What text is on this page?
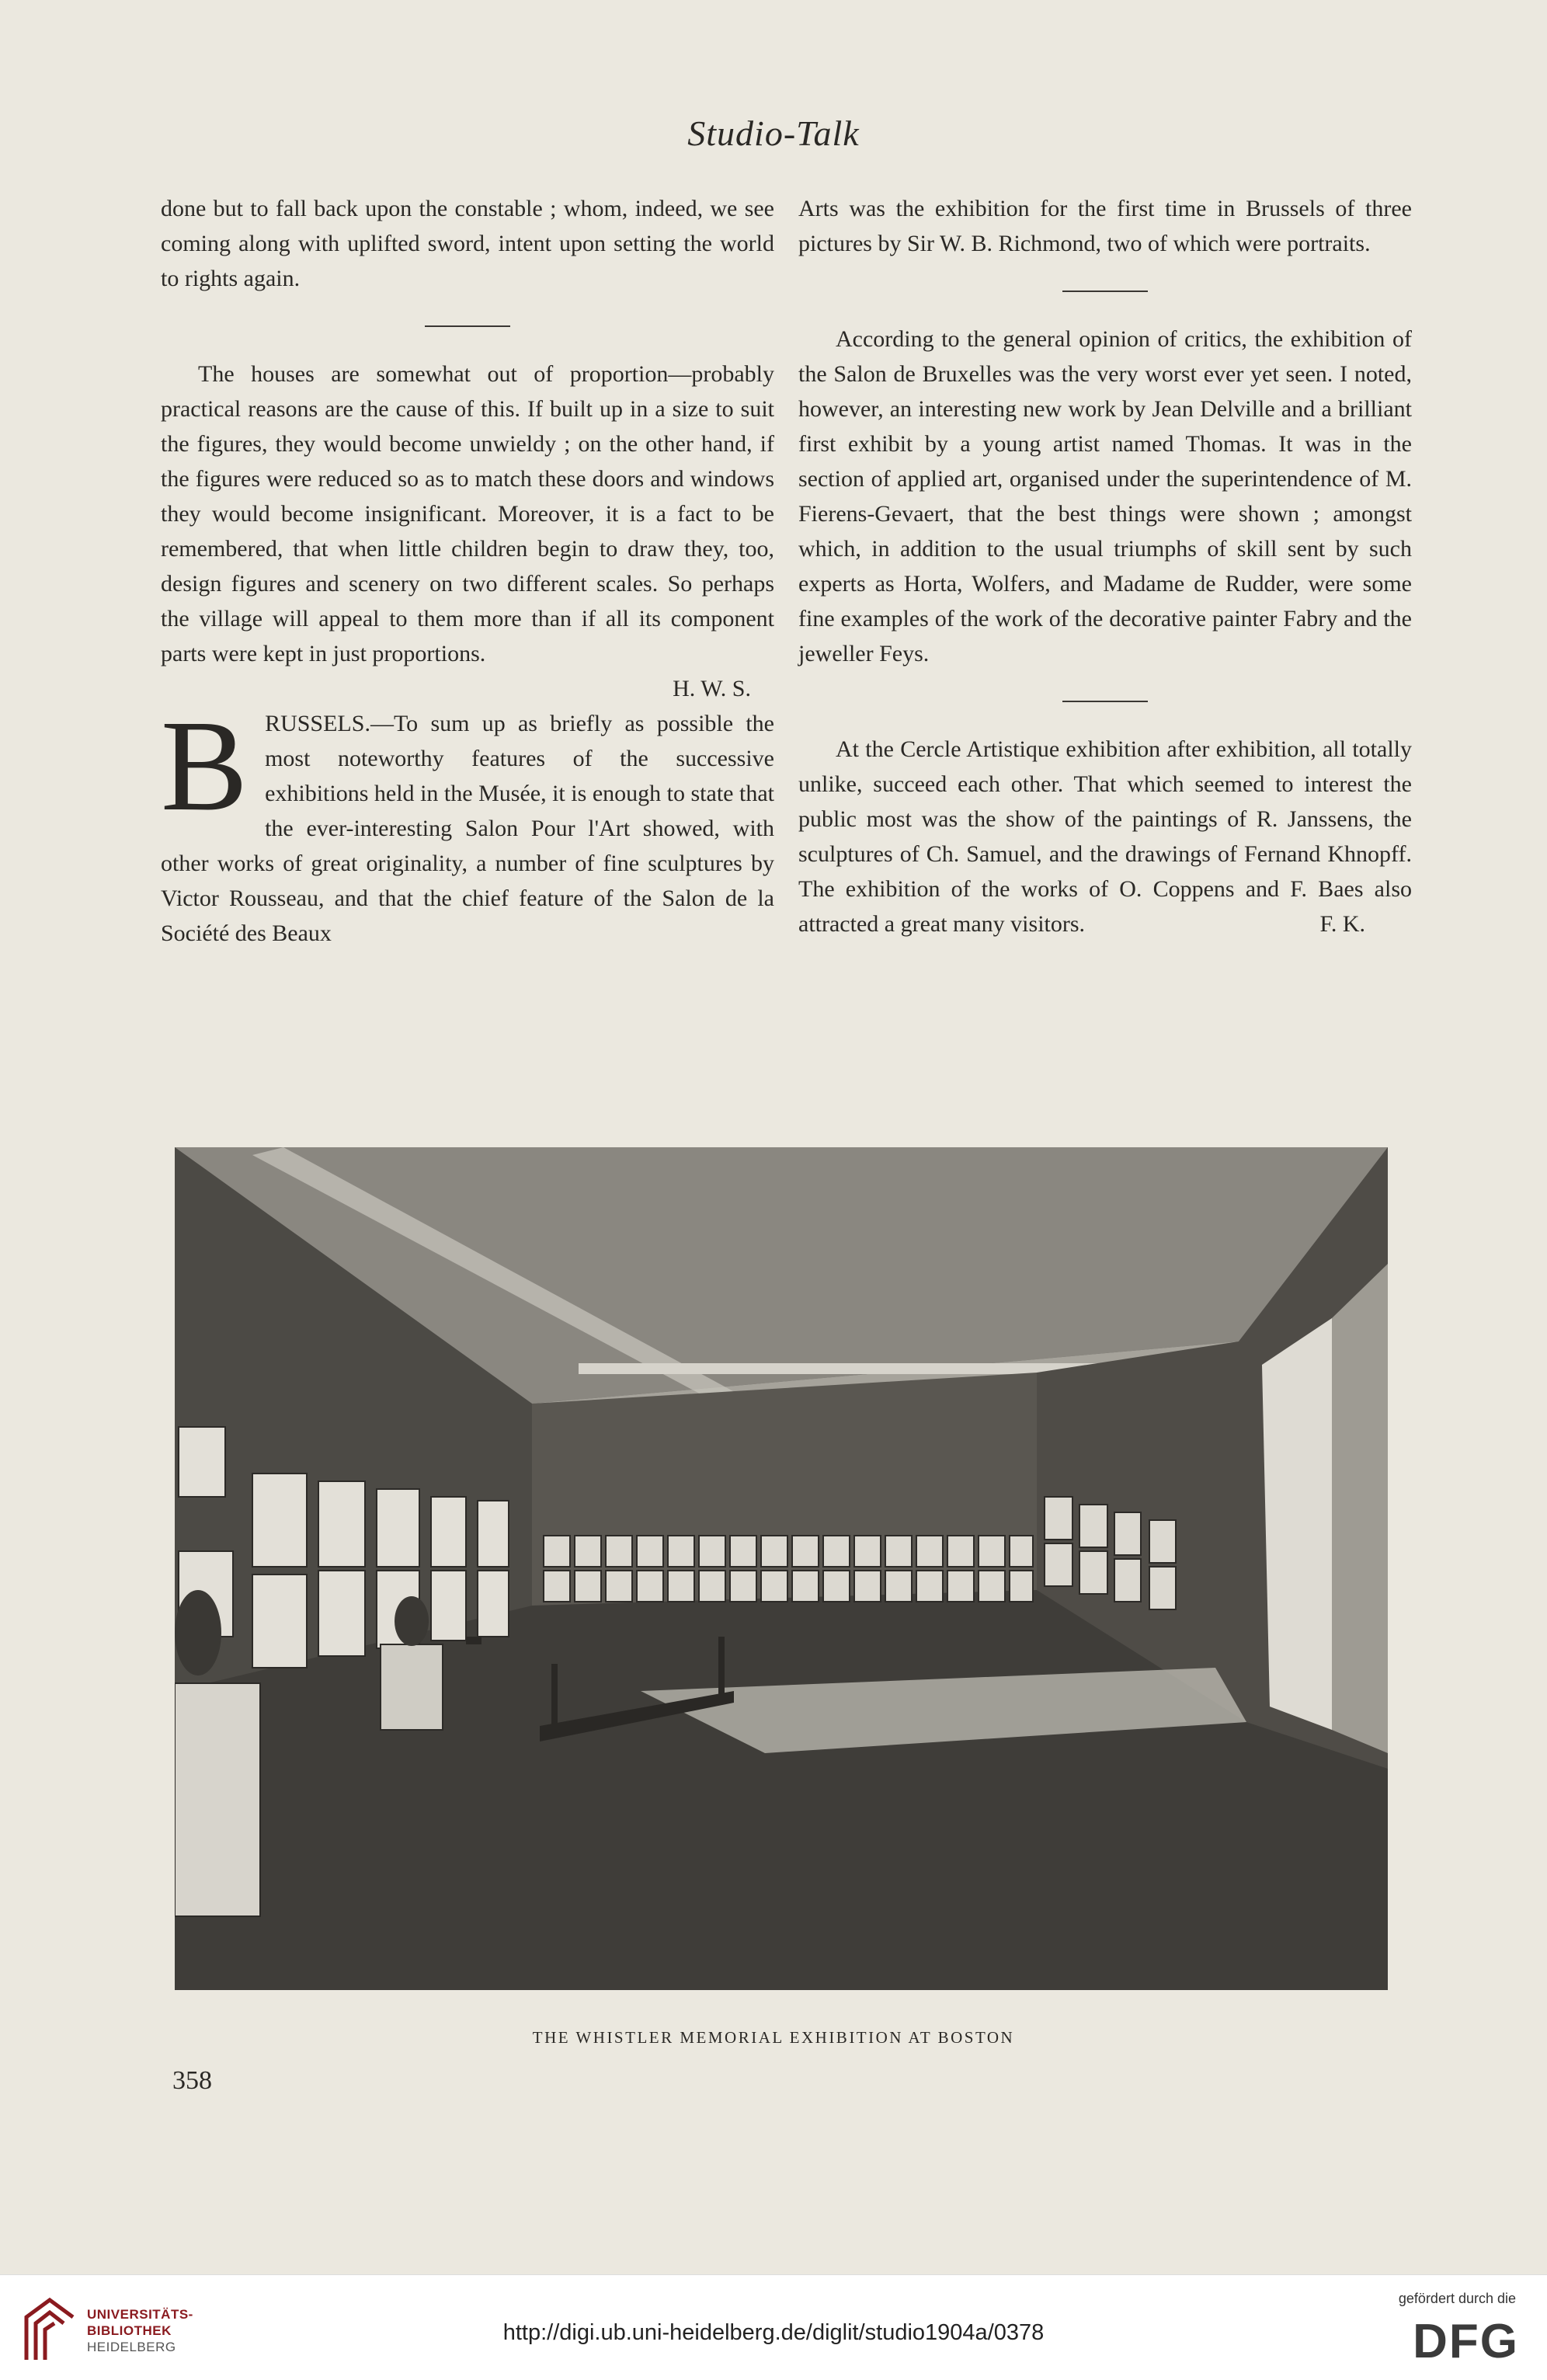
Studio-Talk

done but to fall back upon the constable ; whom, indeed, we see coming along with uplifted sword, intent upon setting the world to rights again.

The houses are somewhat out of proportion—probably practical reasons are the cause of this. If built up in a size to suit the figures, they would become unwieldy ; on the other hand, if the figures were reduced so as to match these doors and windows they would become insignificant. Moreover, it is a fact to be remembered, that when little children begin to draw they, too, design figures and scenery on two different scales. So perhaps the village will appeal to them more than if all its component parts were kept in just proportions.

H. W. S.

BRUSSELS.—To sum up as briefly as possible the most noteworthy features of the successive exhibitions held in the Musée, it is enough to state that the ever-interesting Salon Pour l'Art showed, with other works of great originality, a number of fine sculptures by Victor Rousseau, and that the chief feature of the Salon de la Société des Beaux

Arts was the exhibition for the first time in Brussels of three pictures by Sir W. B. Richmond, two of which were portraits.

According to the general opinion of critics, the exhibition of the Salon de Bruxelles was the very worst ever yet seen. I noted, however, an interesting new work by Jean Delville and a brilliant first exhibit by a young artist named Thomas. It was in the section of applied art, organised under the superintendence of M. Fierens-Gevaert, that the best things were shown ; amongst which, in addition to the usual triumphs of skill sent by such experts as Horta, Wolfers, and Madame de Rudder, were some fine examples of the work of the decorative painter Fabry and the jeweller Feys.

At the Cercle Artistique exhibition after exhibition, all totally unlike, succeed each other. That which seemed to interest the public most was the show of the paintings of R. Janssens, the sculptures of Ch. Samuel, and the drawings of Fernand Khnopff. The exhibition of the works of O. Coppens and F. Baes also attracted a great many visitors.	F. K.

THE WHISTLER MEMORIAL EXHIBITION AT BOSTON
358
UNIVERSITÄTS-
BIBLIOTHEK
HEIDELBERG
http://digi.ub.uni-heidelberg.de/diglit/studio1904a/0378
gefördert durch die
DFG
